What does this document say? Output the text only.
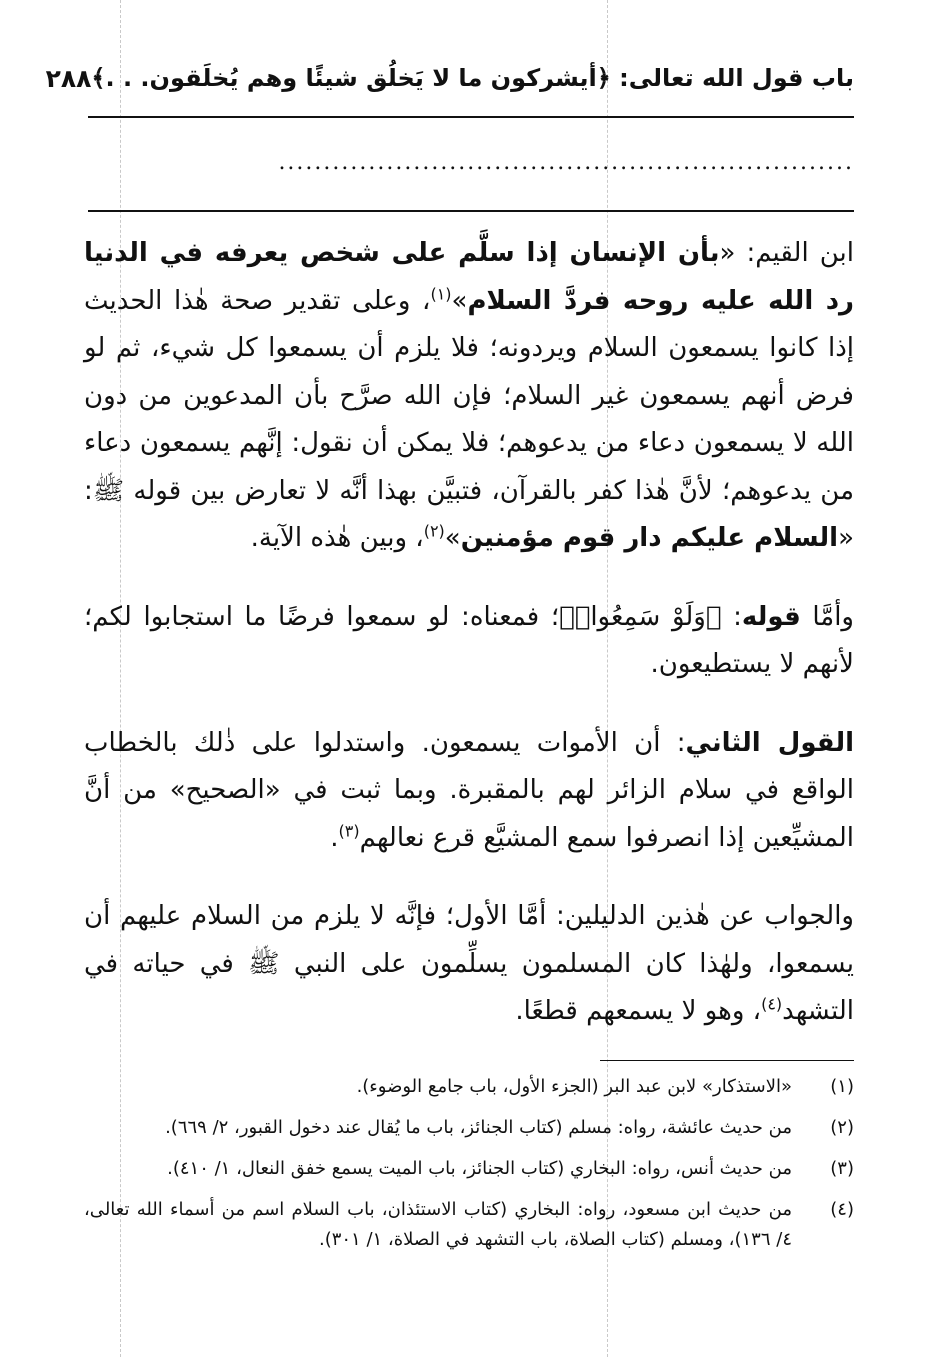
باب قول الله تعالى: ﴿أيشركون ما لا يَخلُق شيئًا وهم يُخلَقون. . .﴾
٢٨٨
................................................................

ابن القيم: «بأن الإنسان إذا سلَّم على شخص يعرفه في الدنيا رد الله عليه روحه فردَّ السلام»$^{(١)}$، وعلى تقدير صحة هٰذا الحديث إذا كانوا يسمعون السلام ويردونه؛ فلا يلزم أن يسمعوا كل شيء، ثم لو فرض أنهم يسمعون غير السلام؛ فإن الله صرَّح بأن المدعوين من دون الله لا يسمعون دعاء من يدعوهم؛ فلا يمكن أن نقول: إنَّهم يسمعون دعاء من يدعوهم؛ لأنَّ هٰذا كفر بالقرآن، فتبيَّن بهذا أنَّه لا تعارض بين قوله ﷺ: «السلام عليكم دار قوم مؤمنين»$^{(٢)}$، وبين هٰذه الآية.

وأمَّا قوله: ﴿وَلَوْ سَمِعُوا۟﴾؛ فمعناه: لو سمعوا فرضًا ما استجابوا لكم؛ لأنهم لا يستطيعون.

القول الثاني: أن الأموات يسمعون. واستدلوا على ذٰلك بالخطاب الواقع في سلام الزائر لهم بالمقبرة. وبما ثبت في «الصحيح» من أنَّ المشيِّعين إذا انصرفوا سمع المشيَّع قرع نعالهم$^{(٣)}$.

والجواب عن هٰذين الدليلين: أمَّا الأول؛ فإنَّه لا يلزم من السلام عليهم أن يسمعوا، ولهٰذا كان المسلمون يسلِّمون على النبي ﷺ في حياته في التشهد$^{(٤)}$، وهو لا يسمعهم قطعًا.

(١)
«الاستذكار» لابن عبد البر (الجزء الأول، باب جامع الوضوء).
(٢)
من حديث عائشة، رواه: مسلم (كتاب الجنائز، باب ما يُقال عند دخول القبور، ٢/ ٦٦٩).
(٣)
من حديث أنس، رواه: البخاري (كتاب الجنائز، باب الميت يسمع خفق النعال، ١/ ٤١٠).
(٤)
من حديث ابن مسعود، رواه: البخاري (كتاب الاستئذان، باب السلام اسم من أسماء الله تعالى، ٤/ ١٣٦)، ومسلم (كتاب الصلاة، باب التشهد في الصلاة، ١/ ٣٠١).
